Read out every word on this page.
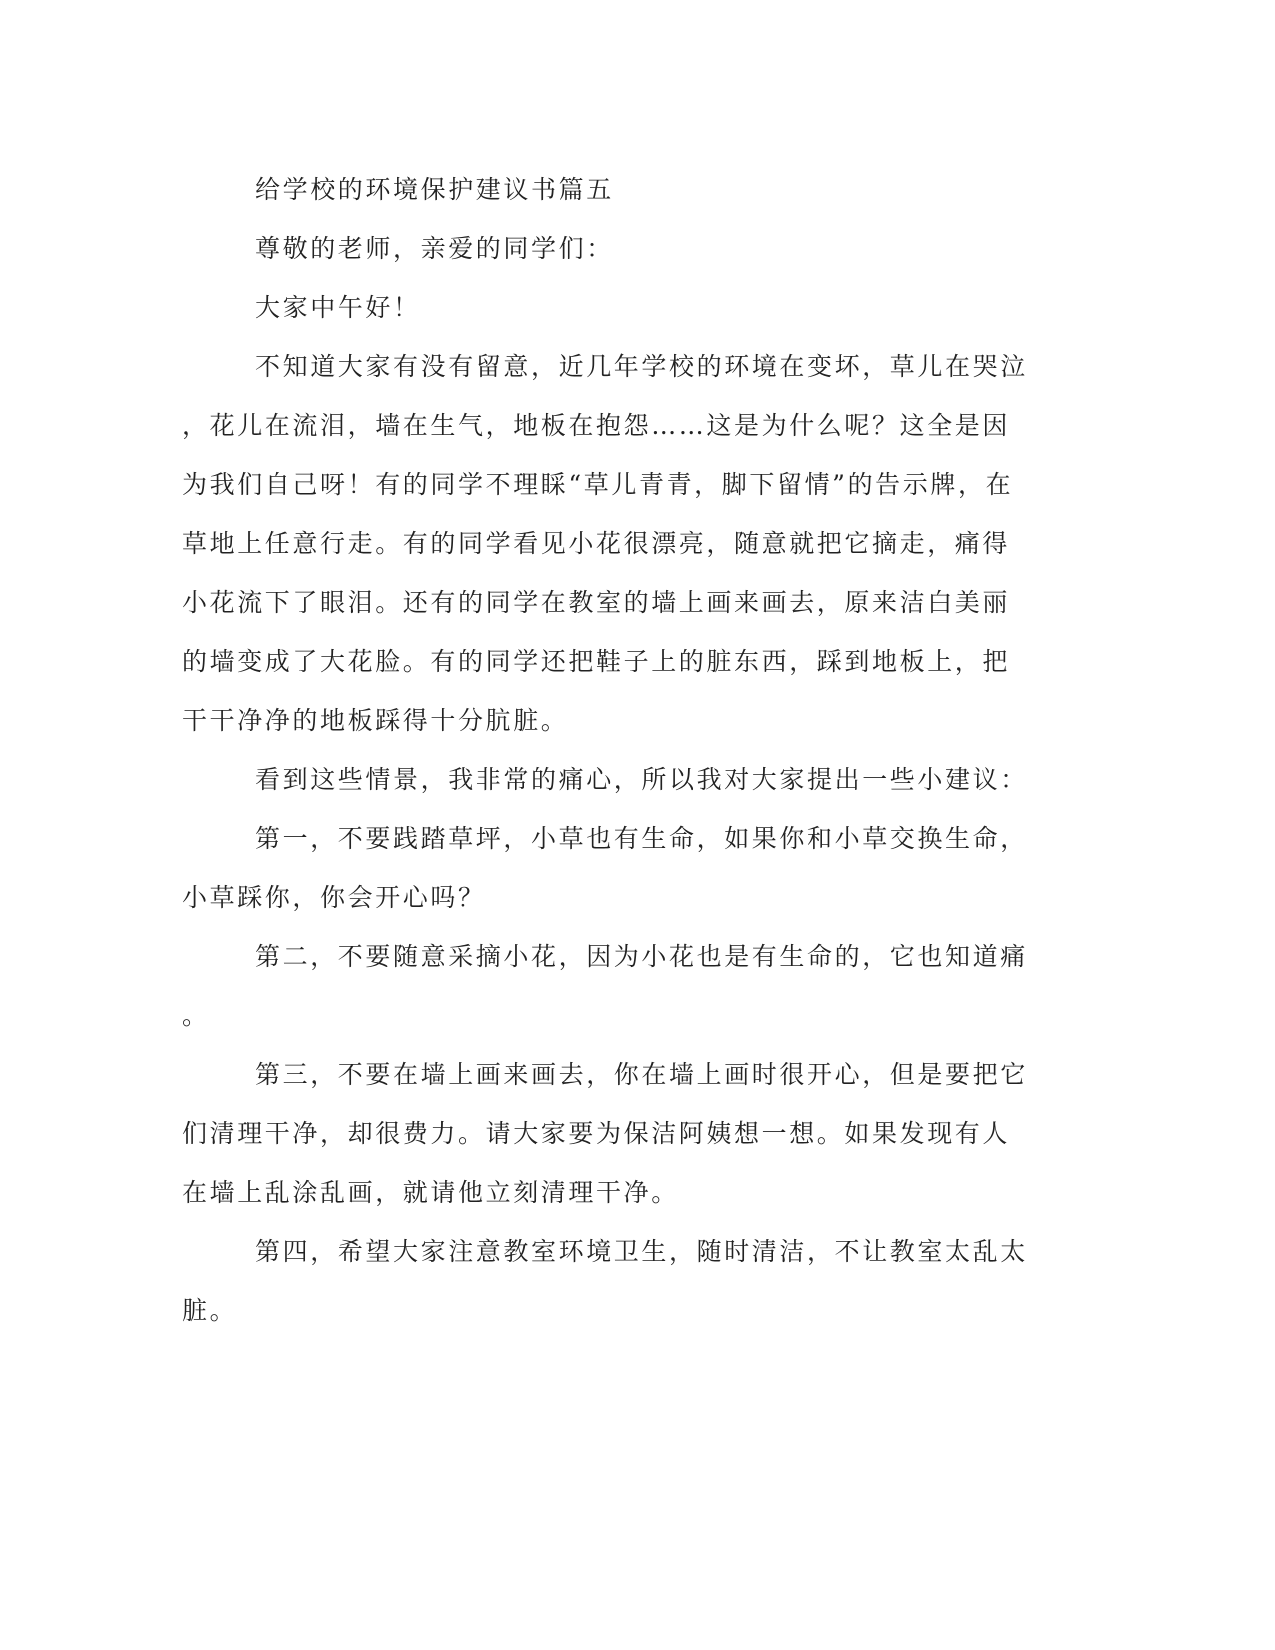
给学校的环境保护建议书篇五
尊敬的老师，亲爱的同学们：
大家中午好！
不知道大家有没有留意，近几年学校的环境在变坏，草儿在哭泣
，花儿在流泪，墙在生气，地板在抱怨……这是为什么呢？这全是因
为我们自己呀！有的同学不理睬“草儿青青，脚下留情”的告示牌，在
草地上任意行走。有的同学看见小花很漂亮，随意就把它摘走，痛得
小花流下了眼泪。还有的同学在教室的墙上画来画去，原来洁白美丽
的墙变成了大花脸。有的同学还把鞋子上的脏东西，踩到地板上，把
干干净净的地板踩得十分肮脏。
看到这些情景，我非常的痛心，所以我对大家提出一些小建议：
第一，不要践踏草坪，小草也有生命，如果你和小草交换生命，
小草踩你，你会开心吗？
第二，不要随意采摘小花，因为小花也是有生命的，它也知道痛
。
第三，不要在墙上画来画去，你在墙上画时很开心，但是要把它
们清理干净，却很费力。请大家要为保洁阿姨想一想。如果发现有人
在墙上乱涂乱画，就请他立刻清理干净。
第四，希望大家注意教室环境卫生，随时清洁，不让教室太乱太
脏。
